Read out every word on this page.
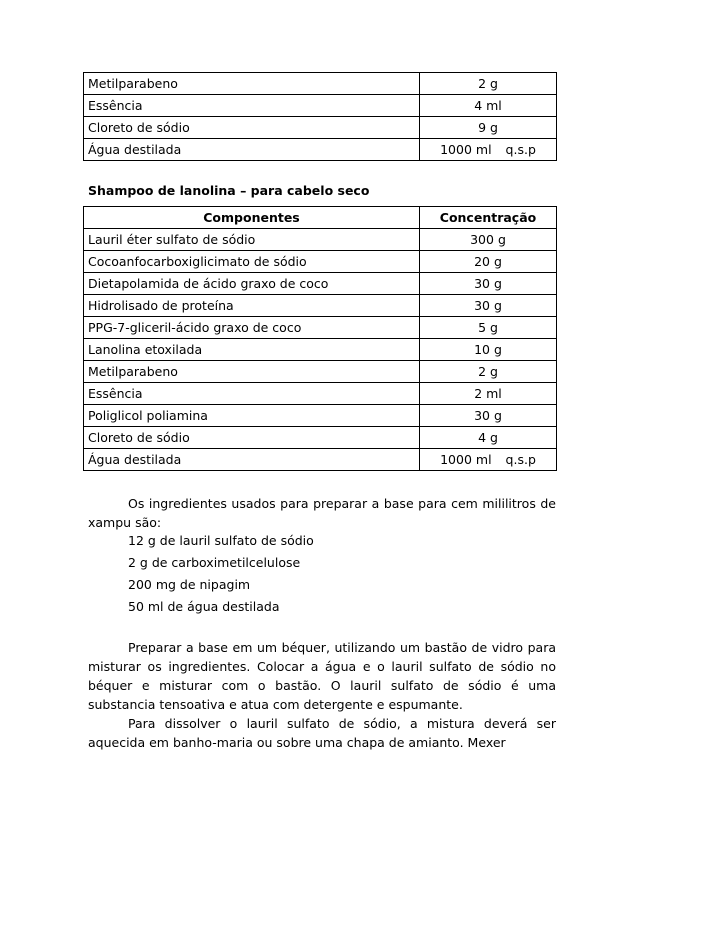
Metilparabeno	2 g
Essência	4 ml
Cloreto de sódio	9 g
Água destilada	1000 ml q.s.p
Shampoo de lanolina – para cabelo seco
Componentes	Concentração
Lauril éter sulfato de sódio	300 g
Cocoanfocarboxiglicimato de sódio	20 g
Dietapolamida de ácido graxo de coco	30 g
Hidrolisado de proteína	30 g
PPG-7-gliceril-ácido graxo de coco	5 g
Lanolina etoxilada	10 g
Metilparabeno	2 g
Essência	2 ml
Poliglicol poliamina	30 g
Cloreto de sódio	4 g
Água destilada	1000 ml q.s.p

Os ingredientes usados para preparar a base para cem mililitros de xampu são:

12 g de lauril sulfato de sódio
2 g de carboximetilcelulose
200 mg de nipagim
50 ml de água destilada

Preparar a base em um béquer, utilizando um bastão de vidro para misturar os ingredientes. Colocar a água e o lauril sulfato de sódio no béquer e misturar com o bastão. O lauril sulfato de sódio é uma substancia tensoativa e atua com detergente e espumante.

Para dissolver o lauril sulfato de sódio, a mistura deverá ser aquecida em banho-maria ou sobre uma chapa de amianto. Mexer
